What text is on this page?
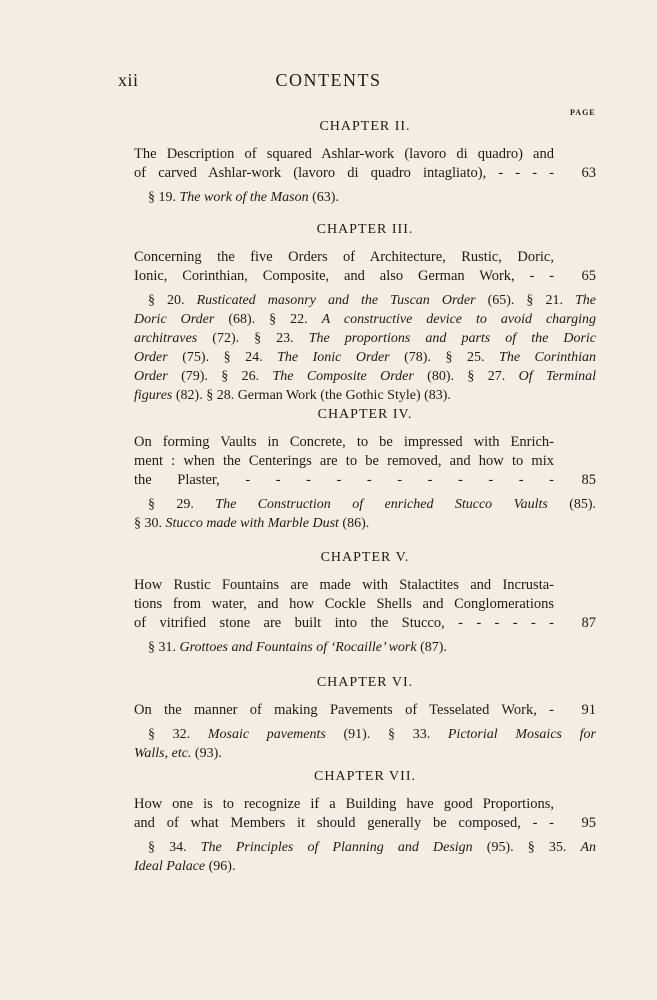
xii	CONTENTS
PAGE
CHAPTER II.
The Description of squared Ashlar-work (lavoro di quadro) and
of carved Ashlar-work (lavoro di quadro intagliato), - - - -	63
§ 19. The work of the Mason (63).
CHAPTER III.
Concerning the five Orders of Architecture, Rustic, Doric,
Ionic, Corinthian, Composite, and also German Work, - -	65
§ 20. Rusticated masonry and the Tuscan Order (65). § 21. The
Doric Order (68). § 22. A constructive device to avoid charging
architraves (72). § 23. The proportions and parts of the Doric
Order (75). § 24. The Ionic Order (78). § 25. The Corinthian
Order (79). § 26. The Composite Order (80). § 27. Of Terminal
figures (82). § 28. German Work (the Gothic Style) (83).
CHAPTER IV.
On forming Vaults in Concrete, to be impressed with Enrich-
ment : when the Centerings are to be removed, and how to mix
the Plaster, - - - - - - - - - - -	85
§ 29. The Construction of enriched Stucco Vaults (85).
§ 30. Stucco made with Marble Dust (86).
CHAPTER V.
How Rustic Fountains are made with Stalactites and Incrusta-
tions from water, and how Cockle Shells and Conglomerations
of vitrified stone are built into the Stucco, - - - - - -	87
§ 31. Grottoes and Fountains of ‘Rocaille’ work (87).
CHAPTER VI.
On the manner of making Pavements of Tesselated Work, -	91
§ 32. Mosaic pavements (91). § 33. Pictorial Mosaics for
Walls, etc. (93).
CHAPTER VII.
How one is to recognize if a Building have good Proportions,
and of what Members it should generally be composed, - -	95
§ 34. The Principles of Planning and Design (95). § 35. An
Ideal Palace (96).
